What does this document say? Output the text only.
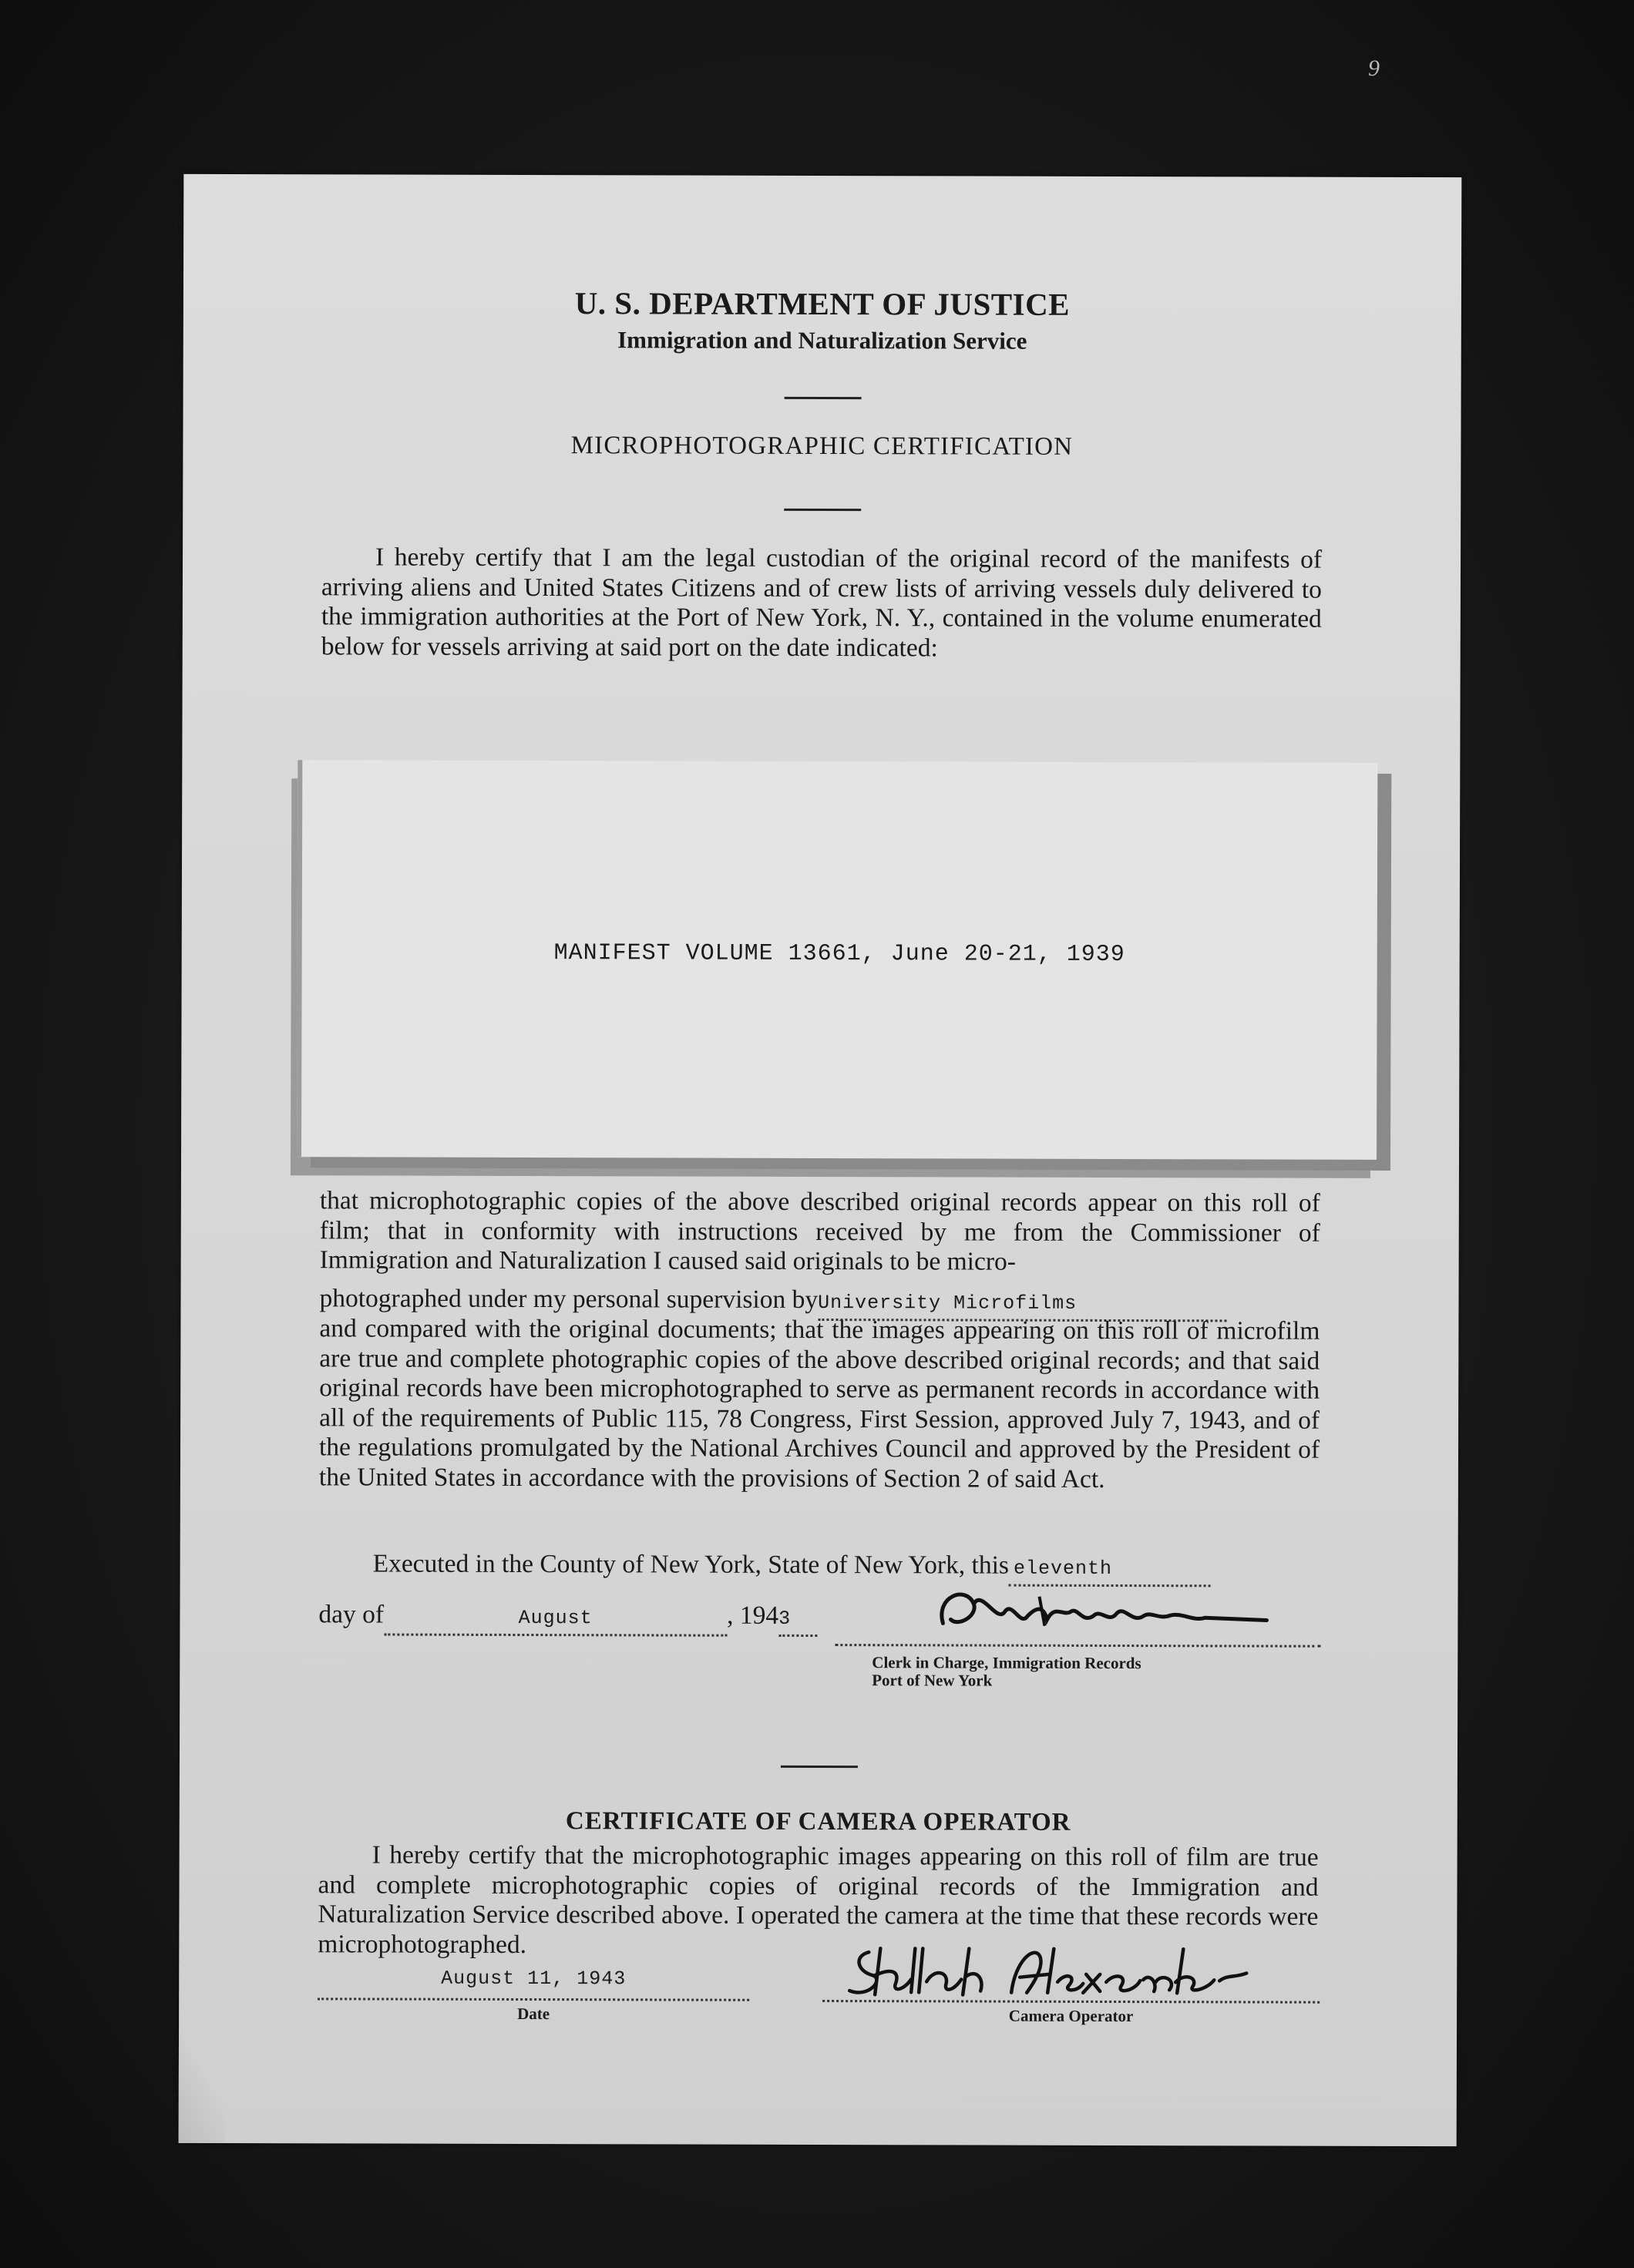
9
U. S. DEPARTMENT OF JUSTICE
Immigration and Naturalization Service
MICROPHOTOGRAPHIC CERTIFICATION
I hereby certify that I am the legal custodian of the original record of the manifests of arriving aliens and United States Citizens and of crew lists of arriving vessels duly delivered to the immigration authorities at the Port of New York, N. Y., contained in the volume enumerated below for vessels arriving at said port on the date indicated:
MANIFEST VOLUME 13661, June 20-21, 1939
that microphotographic copies of the above described original records appear on this roll of film; that in conformity with instructions received by me from the Commissioner of Immigration and Naturalization I caused said originals to be micro-
photographed under my personal supervision byUniversity Microfilms
and compared with the original documents; that the images appearing on this roll of microfilm are true and complete photographic copies of the above described original records; and that said original records have been microphotographed to serve as permanent records in accordance with all of the requirements of Public 115, 78 Congress, First Session, approved July 7, 1943, and of the regulations promulgated by the National Archives Council and approved by the President of the United States in accordance with the provisions of Section 2 of said Act.
Executed in the County of New York, State of New York, this eleventh
day of	August	, 1943
Clerk in Charge, Immigration Records
Port of New York
CERTIFICATE OF CAMERA OPERATOR
I hereby certify that the microphotographic images appearing on this roll of film are true and complete microphotographic copies of original records of the Immigration and Naturalization Service described above. I operated the camera at the time that these records were microphotographed.
August 11, 1943
Date	Camera Operator
